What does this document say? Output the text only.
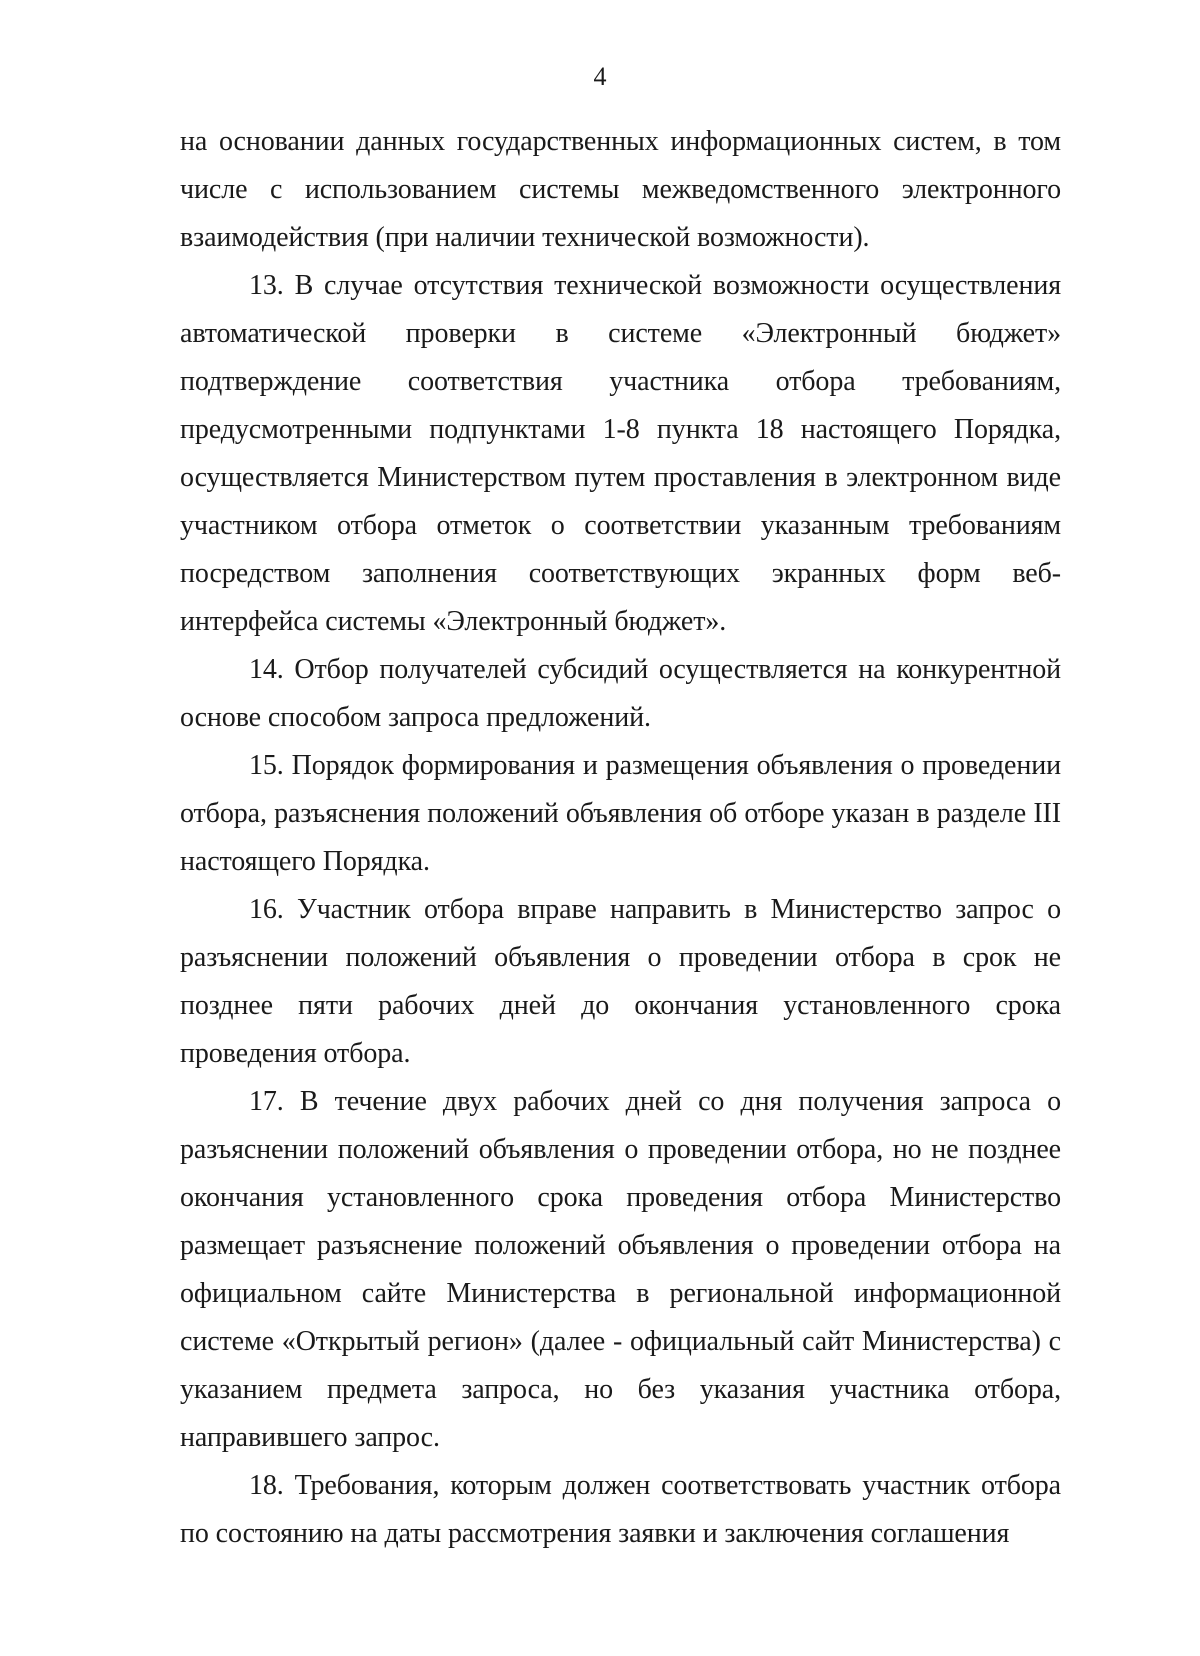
4

на основании данных государственных информационных систем, в том числе с использованием системы межведомственного электронного взаимодействия (при наличии технической возможности).

13. В случае отсутствия технической возможности осуществления автоматической проверки в системе «Электронный бюджет» подтверждение соответствия участника отбора требованиям, предусмотренными подпунктами 1-8 пункта 18 настоящего Порядка, осуществляется Министерством путем проставления в электронном виде участником отбора отметок о соответствии указанным требованиям посредством заполнения соответствующих экранных форм веб-интерфейса системы «Электронный бюджет».

14. Отбор получателей субсидий осуществляется на конкурентной основе способом запроса предложений.

15. Порядок формирования и размещения объявления о проведении отбора, разъяснения положений объявления об отборе указан в разделе III настоящего Порядка.

16. Участник отбора вправе направить в Министерство запрос о разъяснении положений объявления о проведении отбора в срок не позднее пяти рабочих дней до окончания установленного срока проведения отбора.

17. В течение двух рабочих дней со дня получения запроса о разъяснении положений объявления о проведении отбора, но не позднее окончания установленного срока проведения отбора Министерство размещает разъяснение положений объявления о проведении отбора на официальном сайте Министерства в региональной информационной системе «Открытый регион» (далее - официальный сайт Министерства) с указанием предмета запроса, но без указания участника отбора, направившего запрос.

18. Требования, которым должен соответствовать участник отбора по состоянию на даты рассмотрения заявки и заключения соглашения
